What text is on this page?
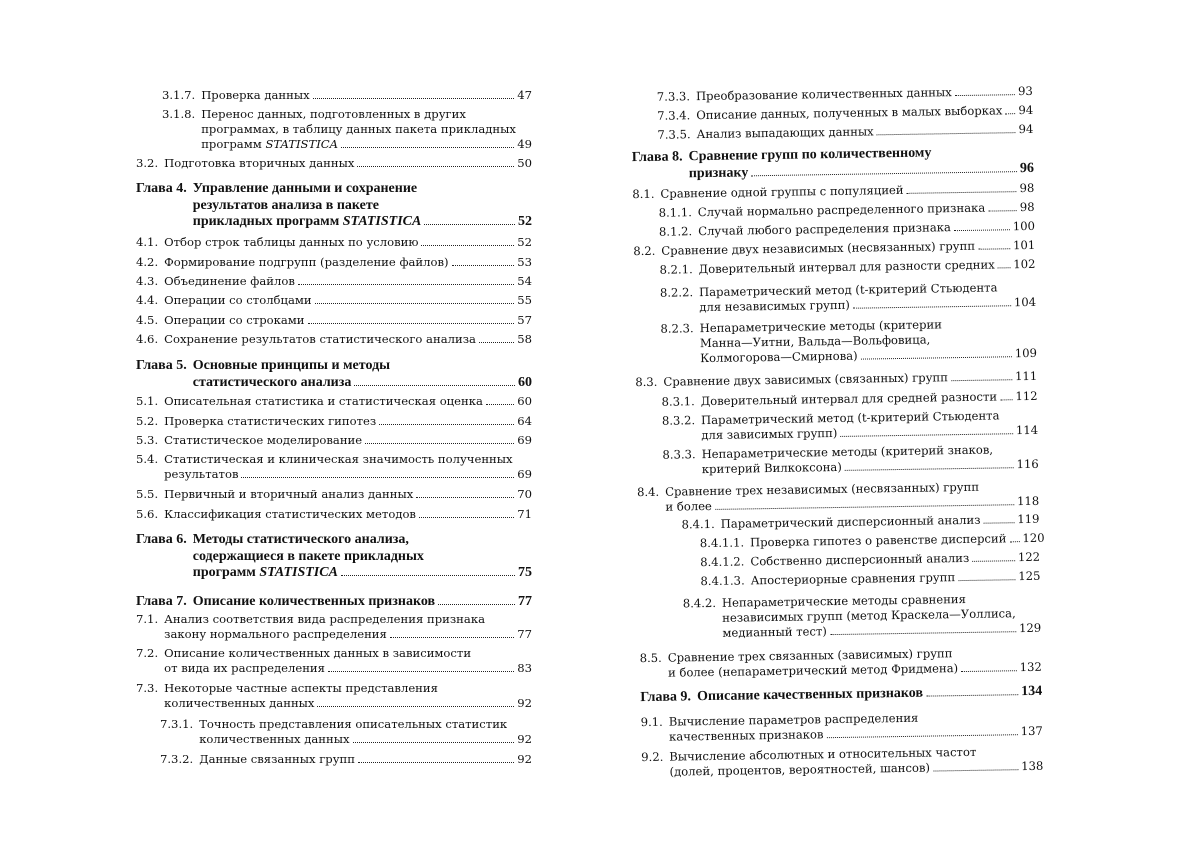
3.1.7. Проверка данных	47
3.1.8. Перенос данных, подготовленных в других
программах, в таблицу данных пакета прикладных
программ STATISTICA	49
3.2. Подготовка вторичных данных	50
Глава 4. Управление данными и сохранение
результатов анализа в пакете
прикладных программ STATISTICA	52
4.1. Отбор строк таблицы данных по условию	52
4.2. Формирование подгрупп (разделение файлов)	53
4.3. Объединение файлов	54
4.4. Операции со столбцами	55
4.5. Операции со строками	57
4.6. Сохранение результатов статистического анализа	58
Глава 5. Основные принципы и методы
статистического анализа	60
5.1. Описательная статистика и статистическая оценка	60
5.2. Проверка статистических гипотез	64
5.3. Статистическое моделирование	69
5.4. Статистическая и клиническая значимость полученных
результатов	69
5.5. Первичный и вторичный анализ данных	70
5.6. Классификация статистических методов	71
Глава 6. Методы статистического анализа,
содержащиеся в пакете прикладных
программ STATISTICA	75
Глава 7. Описание количественных признаков	77
7.1. Анализ соответствия вида распределения признака
закону нормального распределения	77
7.2. Описание количественных данных в зависимости
от вида их распределения	83
7.3. Некоторые частные аспекты представления
количественных данных	92
7.3.1. Точность представления описательных статистик
количественных данных	92
7.3.2. Данные связанных групп	92
7.3.3. Преобразование количественных данных	93
7.3.4. Описание данных, полученных в малых выборках 94
7.3.5. Анализ выпадающих данных	94
Глава 8. Сравнение групп по количественному
признаку	96
8.1. Сравнение одной группы с популяцией	98
8.1.1. Случай нормально распределенного признака	98
8.1.2. Случай любого распределения признака	100
8.2. Сравнение двух независимых (несвязанных) групп	101
8.2.1. Доверительный интервал для разности средних 102
8.2.2. Параметрический метод (t-критерий Стьюдента
для независимых групп)	104
8.2.3. Непараметрические методы (критерии
Манна—Уитни, Вальда—Вольфовица,
Колмогорова—Смирнова)	109
8.3. Сравнение двух зависимых (связанных) групп	111
8.3.1. Доверительный интервал для средней разности 112
8.3.2. Параметрический метод (t-критерий Стьюдента
для зависимых групп)	114
8.3.3. Непараметрические методы (критерий знаков,
критерий Вилкоксона)	116
8.4. Сравнение трех независимых (несвязанных) групп
и более	118
8.4.1. Параметрический дисперсионный анализ	119
8.4.1.1. Проверка гипотез о равенстве дисперсий 120
8.4.1.2. Собственно дисперсионный анализ	122
8.4.1.3. Апостериорные сравнения групп	125
8.4.2. Непараметрические методы сравнения
независимых групп (метод Краскела—Уоллиса,
медианный тест)	129
8.5. Сравнение трех связанных (зависимых) групп
и более (непараметрический метод Фридмена)	132
Глава 9. Описание качественных признаков	134
9.1. Вычисление параметров распределения
качественных признаков	137
9.2. Вычисление абсолютных и относительных частот
(долей, процентов, вероятностей, шансов)	138
